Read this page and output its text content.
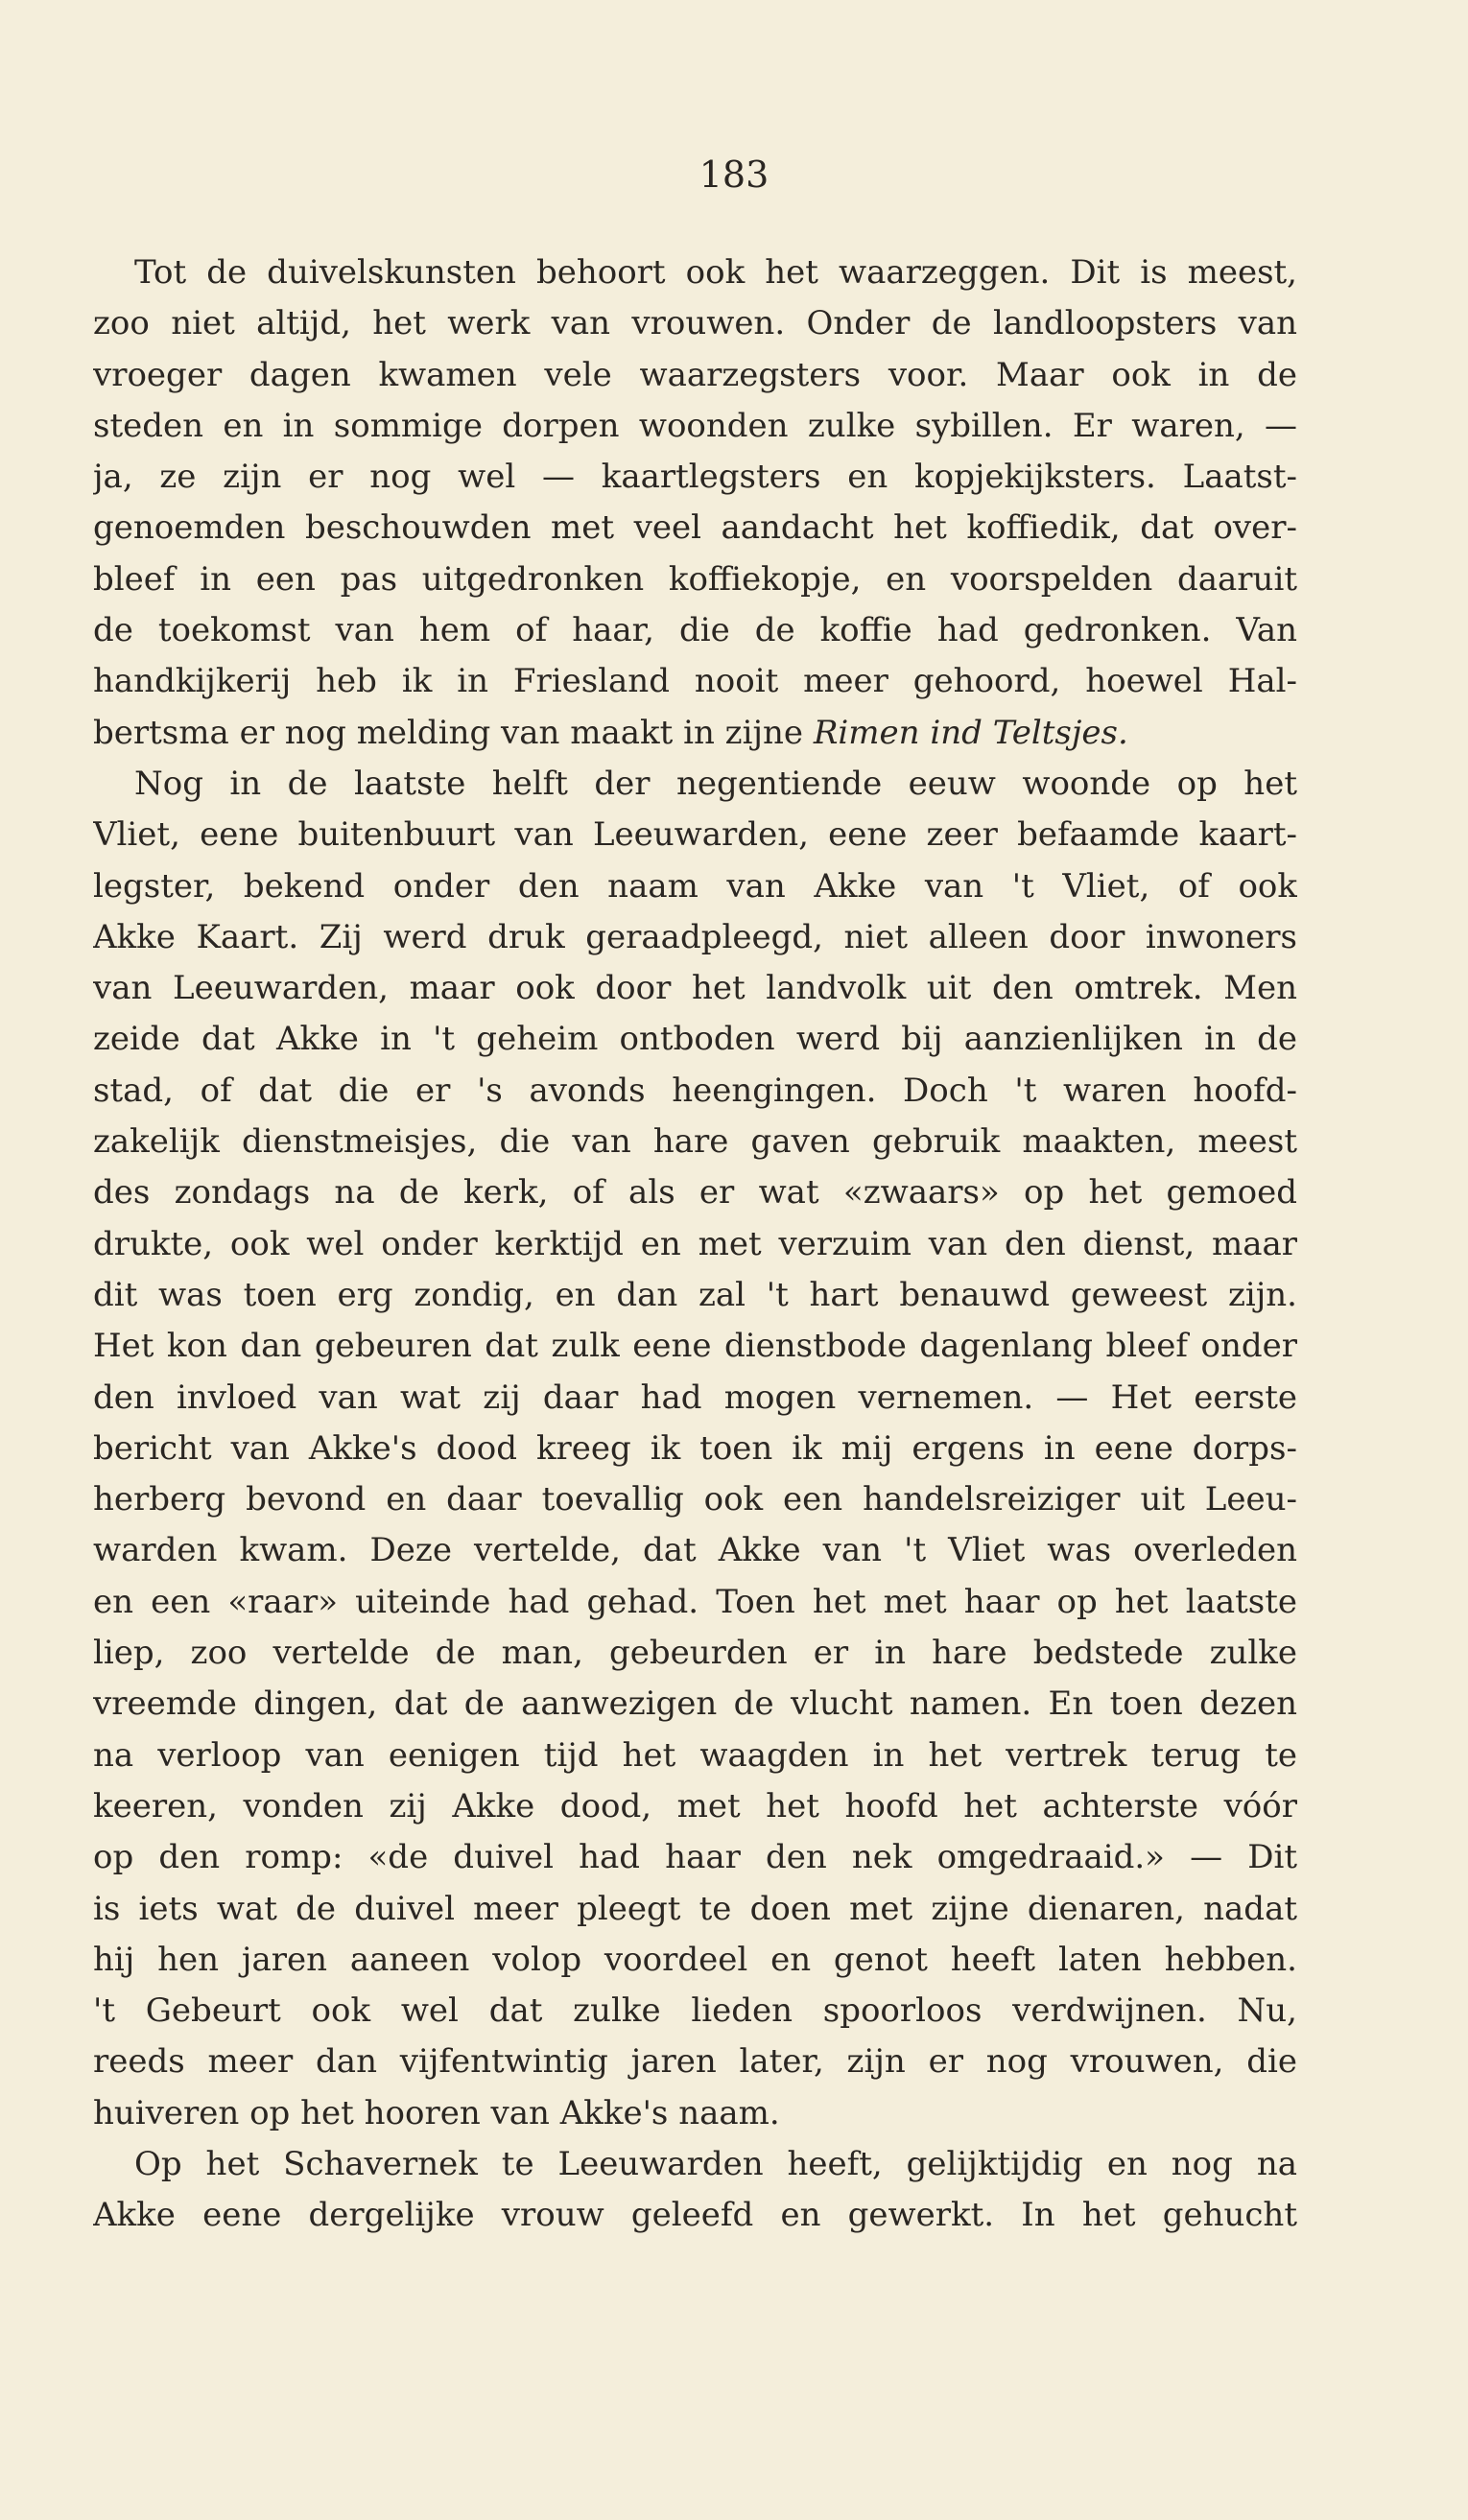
183
Tot de duivelskunsten behoort ook het waarzeggen. Dit is meest,
zoo niet altijd, het werk van vrouwen. Onder de landloopsters van
vroeger dagen kwamen vele waarzegsters voor. Maar ook in de
steden en in sommige dorpen woonden zulke sybillen. Er waren, —
ja, ze zijn er nog wel — kaartlegsters en kopjekijksters. Laatst-
genoemden beschouwden met veel aandacht het koffiedik, dat over-
bleef in een pas uitgedronken koffiekopje, en voorspelden daaruit
de toekomst van hem of haar, die de koffie had gedronken. Van
handkijkerij heb ik in Friesland nooit meer gehoord, hoewel Hal-
bertsma er nog melding van maakt in zijne Rimen ind Teltsjes.
Nog in de laatste helft der negentiende eeuw woonde op het
Vliet, eene buitenbuurt van Leeuwarden, eene zeer befaamde kaart-
legster, bekend onder den naam van Akke van 't Vliet, of ook
Akke Kaart. Zij werd druk geraadpleegd, niet alleen door inwoners
van Leeuwarden, maar ook door het landvolk uit den omtrek. Men
zeide dat Akke in 't geheim ontboden werd bij aanzienlijken in de
stad, of dat die er 's avonds heengingen. Doch 't waren hoofd-
zakelijk dienstmeisjes, die van hare gaven gebruik maakten, meest
des zondags na de kerk, of als er wat «zwaars» op het gemoed
drukte, ook wel onder kerktijd en met verzuim van den dienst, maar
dit was toen erg zondig, en dan zal 't hart benauwd geweest zijn.
Het kon dan gebeuren dat zulk eene dienstbode dagenlang bleef onder
den invloed van wat zij daar had mogen vernemen. — Het eerste
bericht van Akke's dood kreeg ik toen ik mij ergens in eene dorps-
herberg bevond en daar toevallig ook een handelsreiziger uit Leeu-
warden kwam. Deze vertelde, dat Akke van 't Vliet was overleden
en een «raar» uiteinde had gehad. Toen het met haar op het laatste
liep, zoo vertelde de man, gebeurden er in hare bedstede zulke
vreemde dingen, dat de aanwezigen de vlucht namen. En toen dezen
na verloop van eenigen tijd het waagden in het vertrek terug te
keeren, vonden zij Akke dood, met het hoofd het achterste vóór
op den romp: «de duivel had haar den nek omgedraaid.» — Dit
is iets wat de duivel meer pleegt te doen met zijne dienaren, nadat
hij hen jaren aaneen volop voordeel en genot heeft laten hebben.
't Gebeurt ook wel dat zulke lieden spoorloos verdwijnen. Nu,
reeds meer dan vijfentwintig jaren later, zijn er nog vrouwen, die
huiveren op het hooren van Akke's naam.
Op het Schavernek te Leeuwarden heeft, gelijktijdig en nog na
Akke eene dergelijke vrouw geleefd en gewerkt. In het gehucht
